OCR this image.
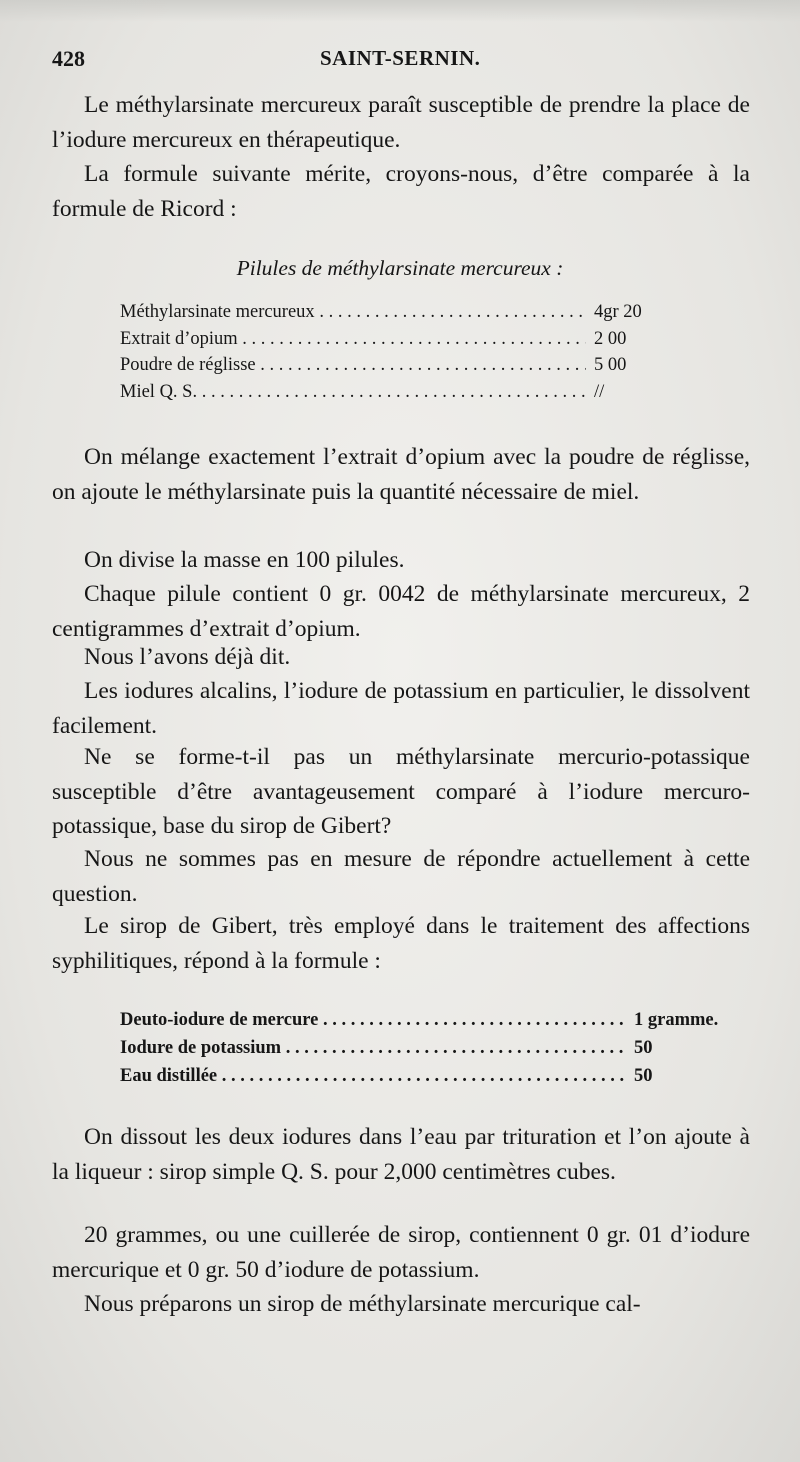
428	SAINT-SERNIN.

Le méthylarsinate mercureux paraît susceptible de prendre la place de l’iodure mercureux en thérapeutique.

La formule suivante mérite, croyons-nous, d’être comparée à la formule de Ricord :

Pilules de méthylarsinate mercureux :
Méthylarsinate mercureux . . .	4gr 20
Extrait d’opium . . .	2 00
Poudre de réglisse . . .	5 00
Miel Q. S. . . .	//

On mélange exactement l’extrait d’opium avec la poudre de réglisse, on ajoute le méthylarsinate puis la quantité nécessaire de miel.

On divise la masse en 100 pilules.

Chaque pilule contient 0 gr. 0042 de méthylarsinate mercureux, 2 centigrammes d’extrait d’opium.

Nous l’avons déjà dit.

Les iodures alcalins, l’iodure de potassium en particulier, le dissolvent facilement.

Ne se forme-t-il pas un méthylarsinate mercurio-potassique susceptible d’être avantageusement comparé à l’iodure mercuro-potassique, base du sirop de Gibert?

Nous ne sommes pas en mesure de répondre actuellement à cette question.

Le sirop de Gibert, très employé dans le traitement des affections syphilitiques, répond à la formule :

Deuto-iodure de mercure . . .	1 gramme.
Iodure de potassium . . .	50
Eau distillée . . .	50

On dissout les deux iodures dans l’eau par trituration et l’on ajoute à la liqueur : sirop simple Q. S. pour 2,000 centimètres cubes.

20 grammes, ou une cuillerée de sirop, contiennent 0 gr. 01 d’iodure mercurique et 0 gr. 50 d’iodure de potassium.

Nous préparons un sirop de méthylarsinate mercurique cal-
